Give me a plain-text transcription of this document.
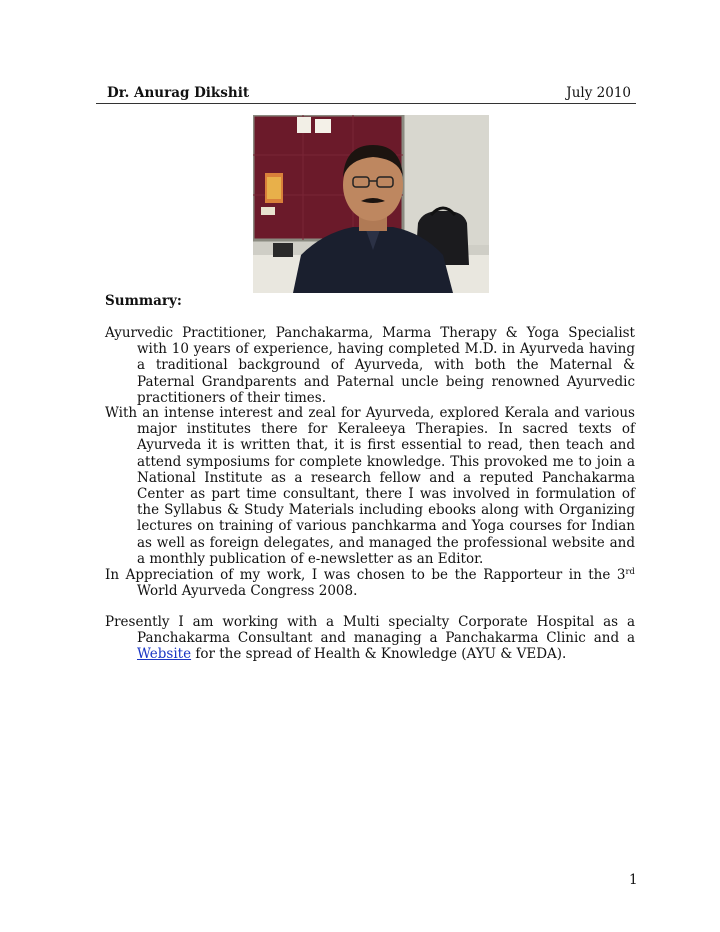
Dr. Anurag Dikshit	July 2010
Summary:

Ayurvedic Practitioner, Panchakarma, Marma Therapy & Yoga Specialist with 10 years of experience, having completed M.D. in Ayurveda having a traditional background of Ayurveda, with both the Maternal & Paternal Grandparents and Paternal uncle being renowned Ayurvedic practitioners of their times.

With an intense interest and zeal for Ayurveda, explored Kerala and various major institutes there for Keraleeya Therapies. In sacred texts of Ayurveda it is written that, it is first essential to read, then teach and attend symposiums for complete knowledge. This provoked me to join a National Institute as a research fellow and a reputed Panchakarma Center as part time consultant, there I was involved in formulation of the Syllabus & Study Materials including ebooks along with Organizing lectures on training of various panchkarma and Yoga courses for Indian as well as foreign delegates, and managed the professional website and a monthly publication of e-newsletter as an Editor.

In Appreciation of my work, I was chosen to be the Rapporteur in the 3rd World Ayurveda Congress 2008.

Presently I am working with a Multi specialty Corporate Hospital as a Panchakarma Consultant and managing a Panchakarma Clinic and a Website for the spread of Health & Knowledge (AYU & VEDA).

1
